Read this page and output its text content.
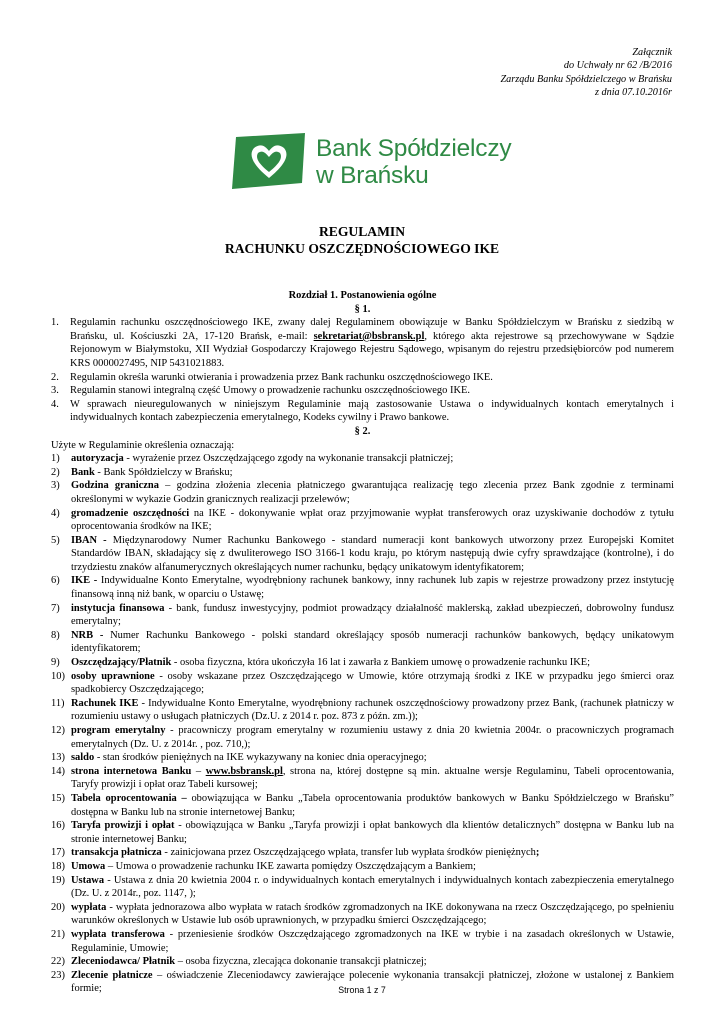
Załącznik
do Uchwały nr 62 /B/2016
Zarządu Banku Spółdzielczego w Brańsku
z dnia 07.10.2016r
Bank Spółdzielczy
w Brańsku
REGULAMIN
RACHUNKU OSZCZĘDNOŚCIOWEGO IKE
Rozdział 1. Postanowienia ogólne
§ 1.
1.	Regulamin rachunku oszczędnościowego IKE, zwany dalej Regulaminem obowiązuje w Banku Spółdzielczym w Brańsku z siedzibą w Brańsku, ul. Kościuszki 2A, 17-120 Brańsk, e-mail: sekretariat@bsbransk.pl, którego akta rejestrowe są przechowywane w Sądzie Rejonowym w Białymstoku, XII Wydział Gospodarczy Krajowego Rejestru Sądowego, wpisanym do rejestru przedsiębiorców pod numerem KRS 0000027495, NIP 5431021883.
2.	Regulamin określa warunki otwierania i prowadzenia przez Bank rachunku oszczędnościowego IKE.
3.	Regulamin stanowi integralną część Umowy o prowadzenie rachunku oszczędnościowego IKE.
4.	W sprawach nieuregulowanych w niniejszym Regulaminie mają zastosowanie Ustawa o indywidualnych kontach emerytalnych i indywidualnych kontach zabezpieczenia emerytalnego, Kodeks cywilny i Prawo bankowe.
§ 2.
Użyte w Regulaminie określenia oznaczają:
1)	autoryzacja - wyrażenie przez Oszczędzającego zgody na wykonanie transakcji płatniczej;
2)	Bank - Bank Spółdzielczy w Brańsku;
3)	Godzina graniczna – godzina złożenia zlecenia płatniczego gwarantująca realizację tego zlecenia przez Bank zgodnie z terminami określonymi w wykazie Godzin granicznych realizacji przelewów;
4)	gromadzenie oszczędności na IKE - dokonywanie wpłat oraz przyjmowanie wypłat transferowych oraz uzyskiwanie dochodów z tytułu oprocentowania środków na IKE;
5)	IBAN - Międzynarodowy Numer Rachunku Bankowego - standard numeracji kont bankowych utworzony przez Europejski Komitet Standardów IBAN, składający się z dwuliterowego ISO 3166-1 kodu kraju, po którym następują dwie cyfry sprawdzające (kontrolne), i do trzydziestu znaków alfanumerycznych określających numer rachunku, będący unikatowym identyfikatorem;
6)	IKE - Indywidualne Konto Emerytalne, wyodrębniony rachunek bankowy, inny rachunek lub zapis w rejestrze prowadzony przez instytucję finansową inną niż bank, w oparciu o Ustawę;
7)	instytucja finansowa - bank, fundusz inwestycyjny, podmiot prowadzący działalność maklerską, zakład ubezpieczeń, dobrowolny fundusz emerytalny;
8)	NRB - Numer Rachunku Bankowego - polski standard określający sposób numeracji rachunków bankowych, będący unikatowym identyfikatorem;
9)	Oszczędzający/Płatnik - osoba fizyczna, która ukończyła 16 lat i zawarła z Bankiem umowę o prowadzenie rachunku IKE;
10) osoby uprawnione - osoby wskazane przez Oszczędzającego w Umowie, które otrzymają środki z IKE w przypadku jego śmierci oraz spadkobiercy Oszczędzającego;
11) Rachunek IKE - Indywidualne Konto Emerytalne, wyodrębniony rachunek oszczędnościowy prowadzony przez Bank, (rachunek płatniczy w rozumieniu ustawy o usługach płatniczych (Dz.U. z 2014 r. poz. 873 z późn. zm.));
12) program emerytalny - pracowniczy program emerytalny w rozumieniu ustawy z dnia 20 kwietnia 2004r. o pracowniczych programach emerytalnych (Dz. U. z 2014r. , poz. 710,);
13) saldo - stan środków pieniężnych na IKE wykazywany na koniec dnia operacyjnego;
14) strona internetowa Banku – www.bsbransk.pl, strona na, której dostępne są min. aktualne wersje Regulaminu, Tabeli oprocentowania, Taryfy prowizji i opłat oraz Tabeli kursowej;
15) Tabela oprocentowania – obowiązująca w Banku „Tabela oprocentowania produktów bankowych w Banku Spółdzielczego w Brańsku” dostępna w Banku lub na stronie internetowej Banku;
16) Taryfa prowizji i opłat - obowiązująca w Banku „Taryfa prowizji i opłat bankowych dla klientów detalicznych” dostępna w Banku lub na stronie internetowej Banku;
17) transakcja płatnicza - zainicjowana przez Oszczędzającego wpłata, transfer lub wypłata środków pieniężnych;
18) Umowa – Umowa o prowadzenie rachunku IKE zawarta pomiędzy Oszczędzającym a Bankiem;
19) Ustawa - Ustawa z dnia 20 kwietnia 2004 r. o indywidualnych kontach emerytalnych i indywidualnych kontach zabezpieczenia emerytalnego (Dz. U. z 2014r., poz. 1147, );
20) wypłata - wypłata jednorazowa albo wypłata w ratach środków zgromadzonych na IKE dokonywana na rzecz Oszczędzającego, po spełnieniu warunków określonych w Ustawie lub osób uprawnionych, w przypadku śmierci Oszczędzającego;
21) wypłata transferowa - przeniesienie środków Oszczędzającego zgromadzonych na IKE w trybie i na zasadach określonych w Ustawie, Regulaminie, Umowie;
22) Zleceniodawca/ Płatnik – osoba fizyczna, zlecająca dokonanie transakcji płatniczej;
23) Zlecenie płatnicze – oświadczenie Zleceniodawcy zawierające polecenie wykonania transakcji płatniczej, złożone w ustalonej z Bankiem formie;	Strona 1 z 7
